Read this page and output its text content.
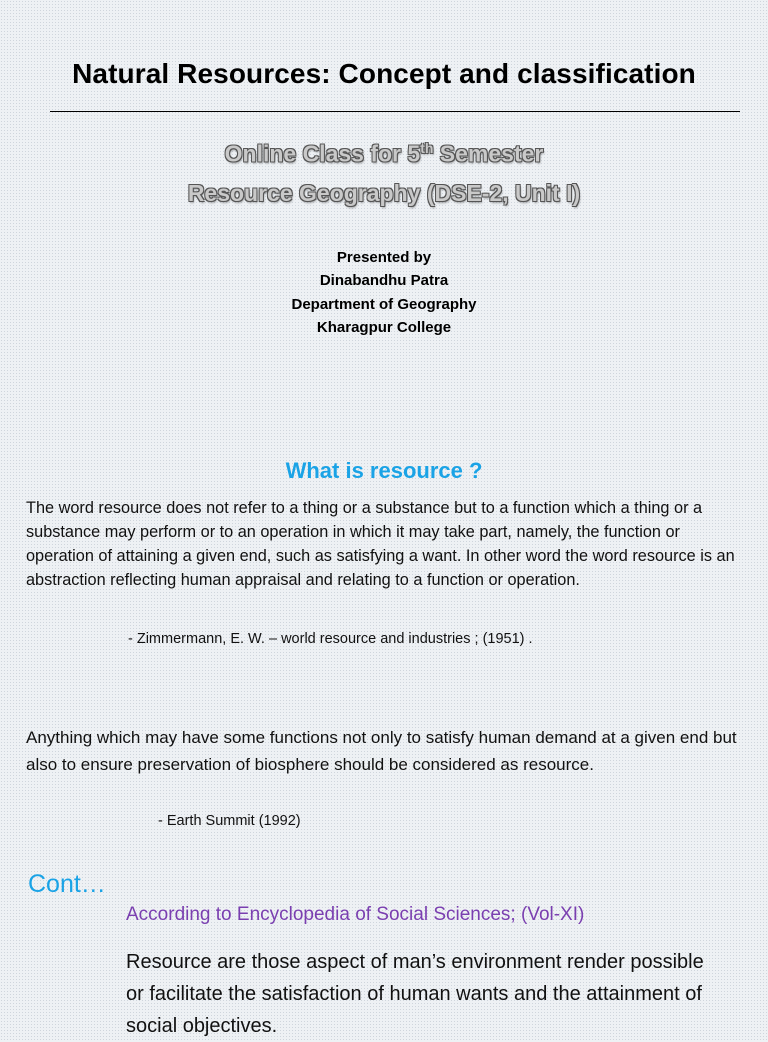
Natural Resources: Concept and classification
Online Class for 5th Semester
Resource Geography (DSE-2, Unit I)
Presented by
Dinabandhu Patra
Department of Geography
Kharagpur College
What is resource ?
The word resource does not refer to a thing or a substance but to a function which a thing or a substance may perform or to an operation in which it may take part, namely, the function or operation of attaining a given end, such as satisfying a want. In other word the word resource is an abstraction reflecting human appraisal and relating to a function or operation.
- Zimmermann, E. W. – world resource and industries ; (1951) .
Anything which may have some functions not only to satisfy human demand at a given end but also to ensure preservation of biosphere should be considered as resource.
- Earth Summit (1992)
Cont…
According to Encyclopedia of Social Sciences; (Vol-XI)
Resource are those aspect of man’s environment render possible or facilitate the satisfaction of human wants and the attainment of social objectives.
